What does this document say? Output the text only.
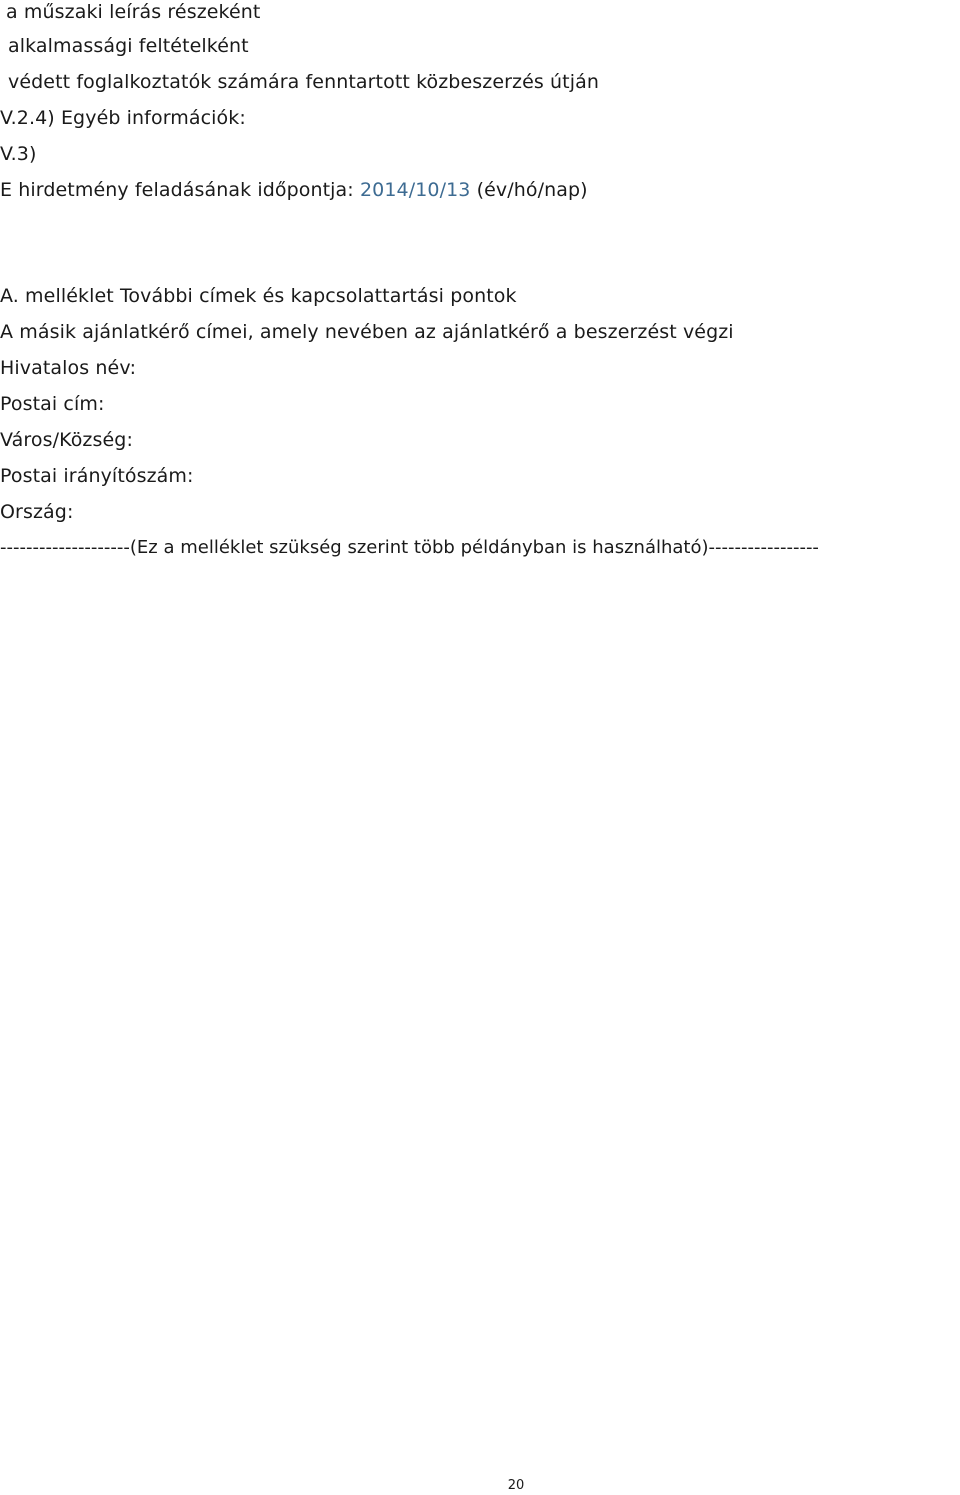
a műszaki leírás részeként
alkalmassági feltételként
védett foglalkoztatók számára fenntartott közbeszerzés útján
V.2.4) Egyéb információk:
V.3)
E hirdetmény feladásának időpontja: 2014/10/13 (év/hó/nap)
A. melléklet További címek és kapcsolattartási pontok
A másik ajánlatkérő címei, amely nevében az ajánlatkérő a beszerzést végzi
Hivatalos név:
Postai cím:
Város/Község:
Postai irányítószám:
Ország:
--------------------(Ez a melléklet szükség szerint több példányban is használható)-----------------
20
